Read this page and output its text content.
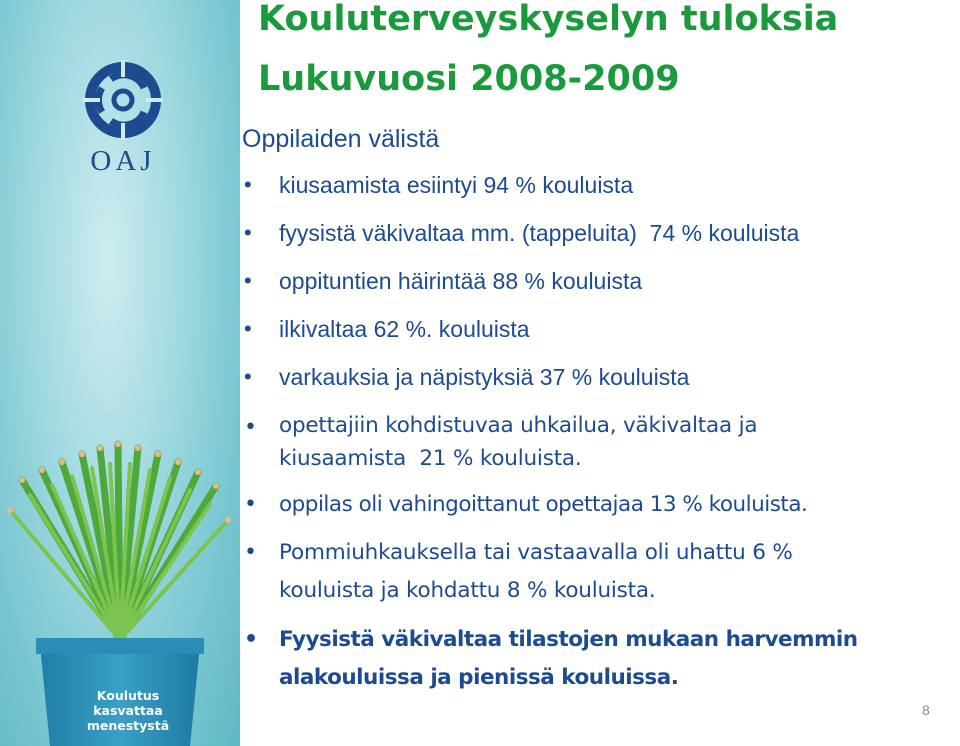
OAJ
Koulutus
kasvattaa
menestystä
Kouluterveyskyselyn tuloksia
Lukuvuosi 2008-2009
Oppilaiden välistä
• kiusaamista esiintyi 94 % kouluista
• fyysistä väkivaltaa mm. (tappeluita)  74 % kouluista
• oppituntien häirintää 88 % kouluista
• ilkivaltaa 62 %. kouluista
• varkauksia ja näpistyksiä 37 % kouluista
• opettajiin kohdistuvaa uhkailua, väkivaltaa ja
kiusaamista  21 % kouluista.
• oppilas oli vahingoittanut opettajaa 13 % kouluista.
• Pommiuhkauksella tai vastaavalla oli uhattu 6 %
kouluista ja kohdattu 8 % kouluista.
• Fyysistä väkivaltaa tilastojen mukaan harvemmin
alakouluissa ja pienissä kouluissa.
8
